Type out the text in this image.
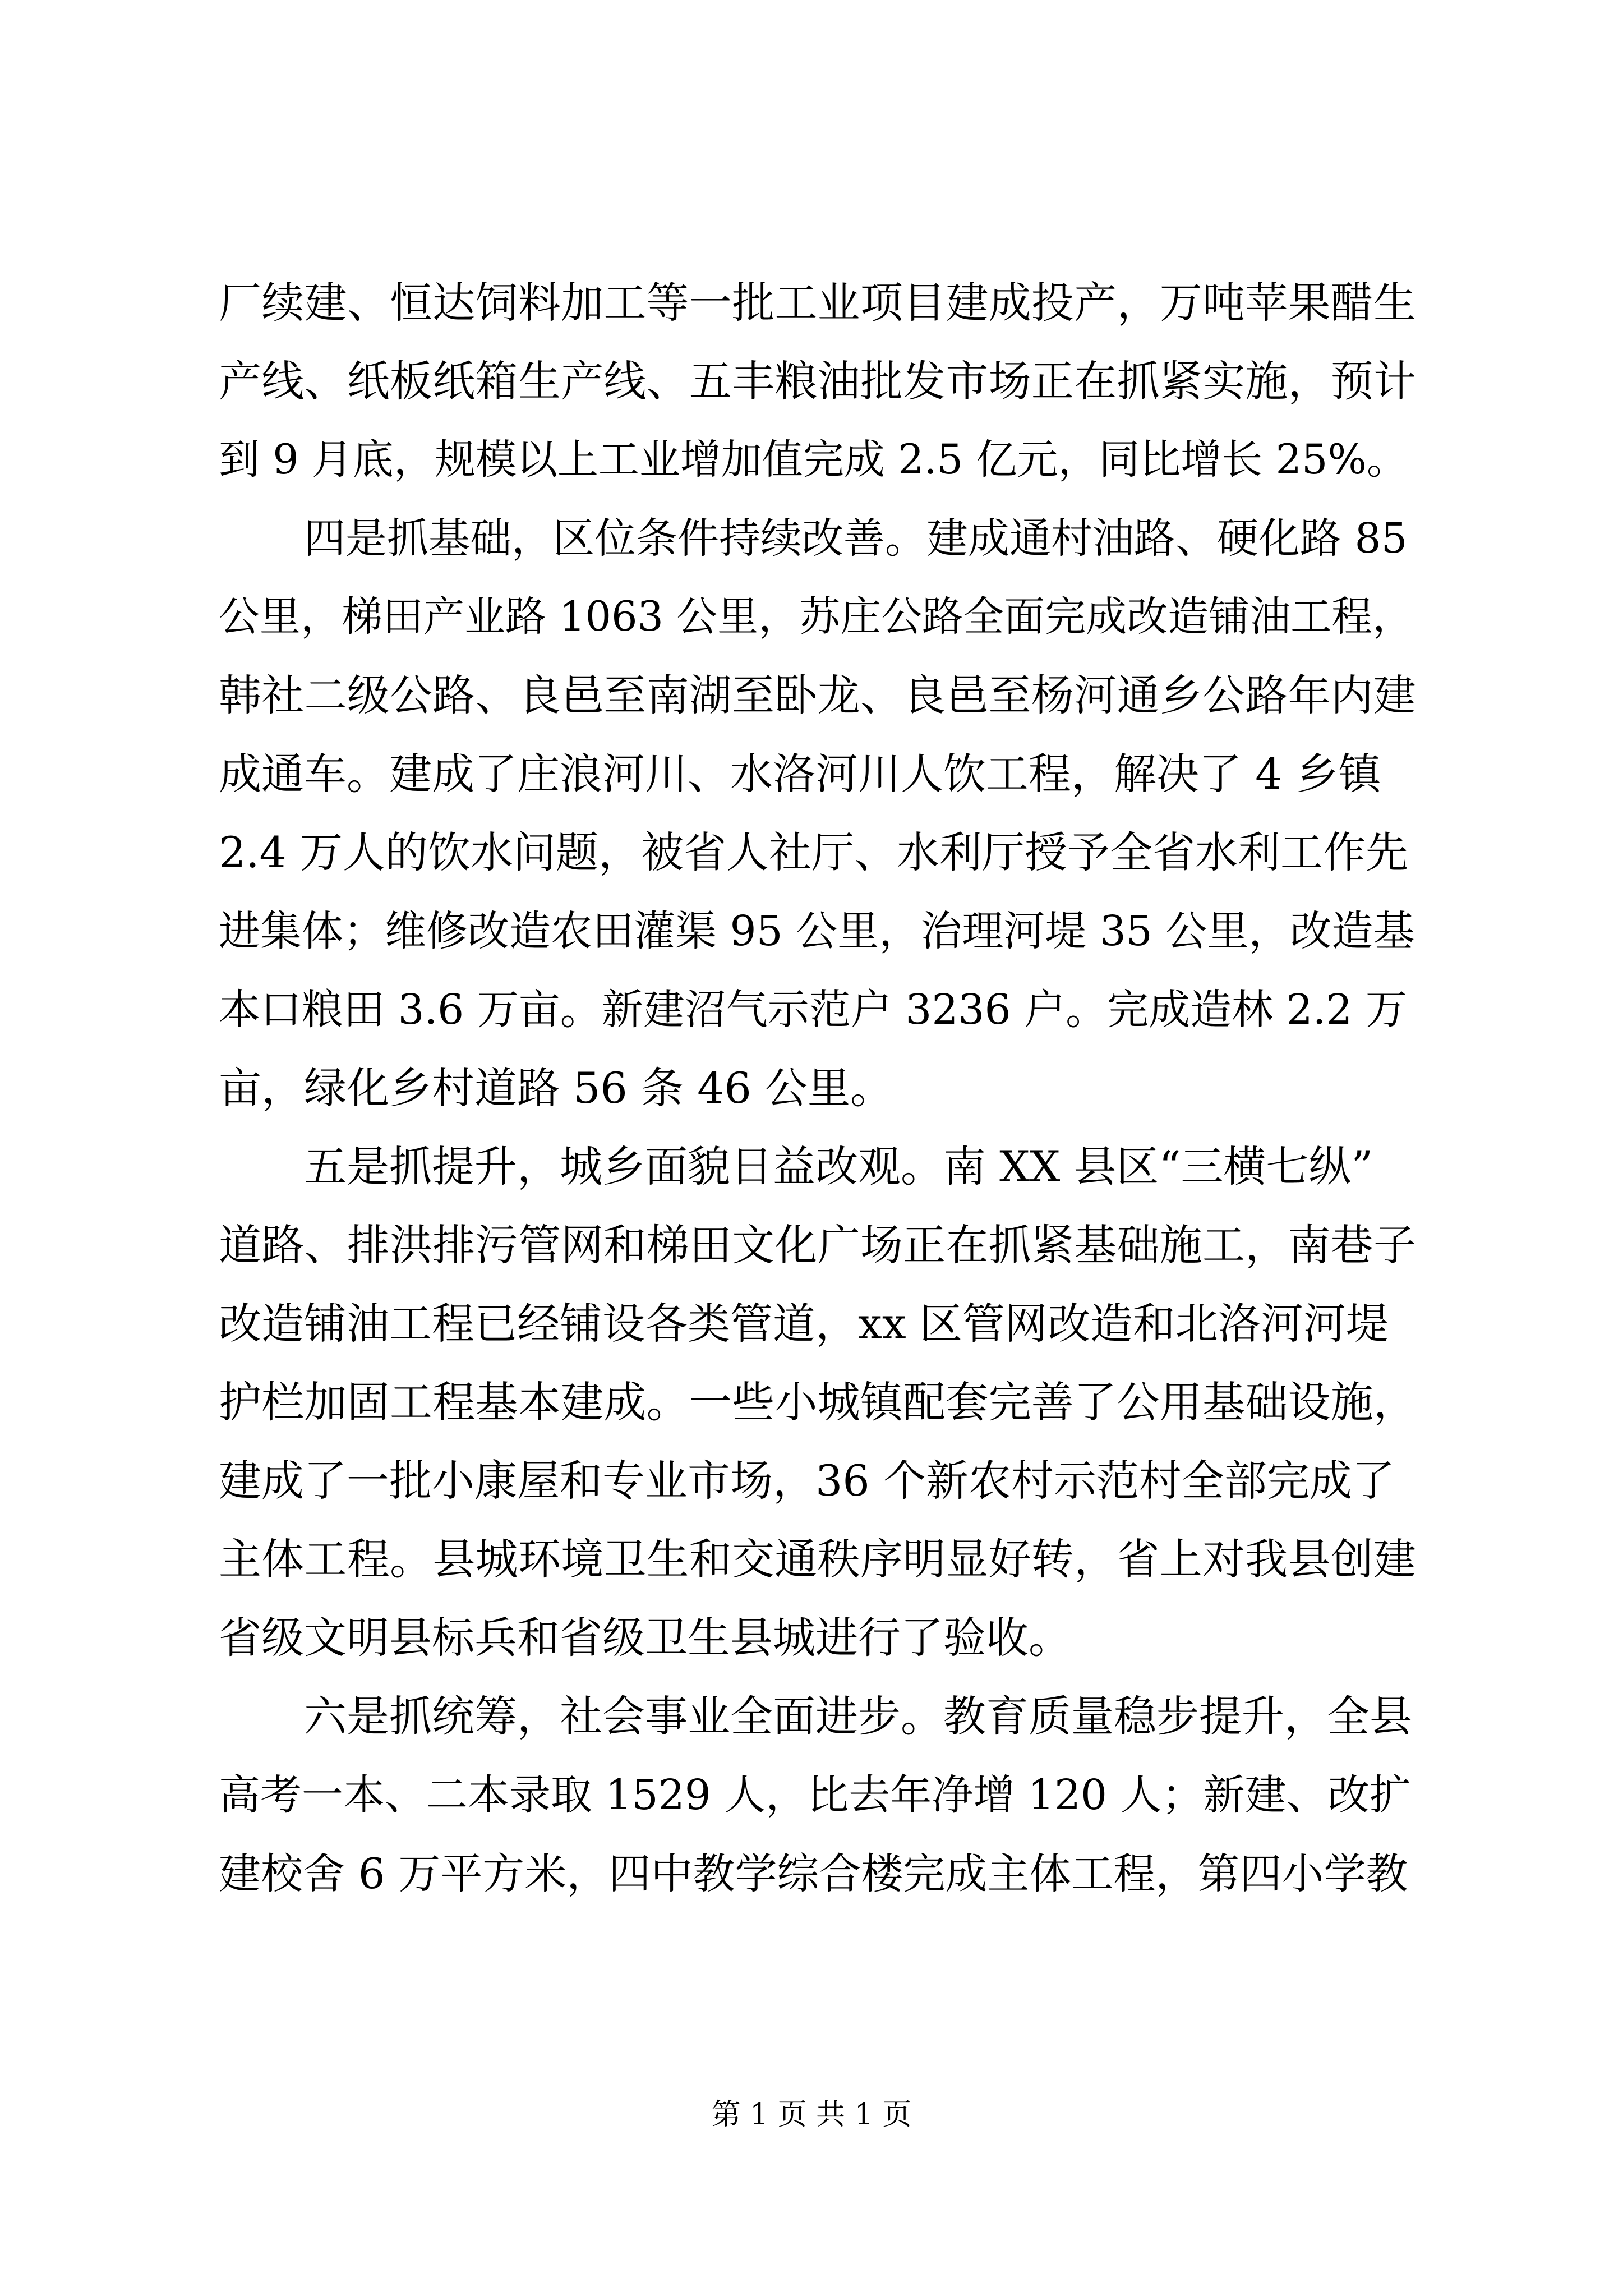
厂续建、恒达饲料加工等一批工业项目建成投产，万吨苹果醋生
产线、纸板纸箱生产线、五丰粮油批发市场正在抓紧实施，预计
到 9 月底，规模以上工业增加值完成 2.5 亿元，同比增长 25%。
四是抓基础，区位条件持续改善。建成通村油路、硬化路 85
公里，梯田产业路 1063 公里，苏庄公路全面完成改造铺油工程，
韩社二级公路、良邑至南湖至卧龙、良邑至杨河通乡公路年内建
成通车。建成了庄浪河川、水洛河川人饮工程，解决了 4 乡镇
2.4 万人的饮水问题，被省人社厅、水利厅授予全省水利工作先
进集体；维修改造农田灌渠 95 公里，治理河堤 35 公里，改造基
本口粮田 3.6 万亩。新建沼气示范户 3236 户。完成造林 2.2 万
亩，绿化乡村道路 56 条 46 公里。
五是抓提升，城乡面貌日益改观。南 XX 县区“三横七纵”
道路、排洪排污管网和梯田文化广场正在抓紧基础施工，南巷子
改造铺油工程已经铺设各类管道，xx 区管网改造和北洛河河堤
护栏加固工程基本建成。一些小城镇配套完善了公用基础设施，
建成了一批小康屋和专业市场，36 个新农村示范村全部完成了
主体工程。县城环境卫生和交通秩序明显好转，省上对我县创建
省级文明县标兵和省级卫生县城进行了验收。
六是抓统筹，社会事业全面进步。教育质量稳步提升，全县
高考一本、二本录取 1529 人，比去年净增 120 人；新建、改扩
建校舍 6 万平方米，四中教学综合楼完成主体工程，第四小学教
第 1 页 共 1 页
